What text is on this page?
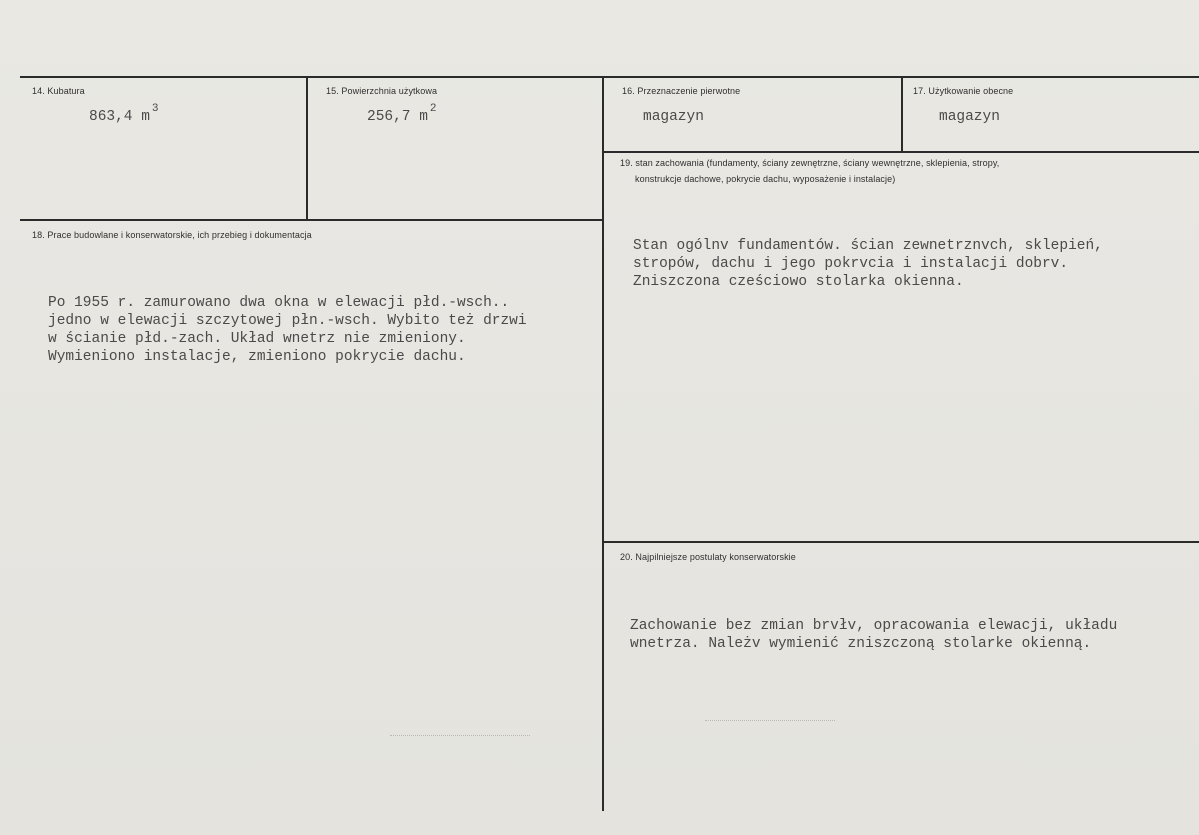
14. Kubatura
863,4 m $^3$
15. Powierzchnia użytkowa
256,7 m $^2$
16. Przeznaczenie pierwotne
magazyn
17. Użytkowanie obecne
magazyn
18. Prace budowlane i konserwatorskie, ich przebieg i dokumentacja

Po 1955 r. zamurowano dwa okna w elewacji płd.-wsch..
jedno w elewacji szczytowej płn.-wsch. Wybito też drzwi
w ścianie płd.-zach. Układ wnetrz nie zmieniony.
Wymieniono instalacje, zmieniono pokrycie dachu.

19. stan zachowania (fundamenty, ściany zewnętrzne, ściany wewnętrzne, sklepienia, stropy,
konstrukcje dachowe, pokrycie dachu, wyposażenie i instalacje)

Stan ogólnv fundamentów. ścian zewnetrznvch, sklepień,
stropów, dachu i jego pokrvcia i instalacji dobrv.
Zniszczona cześciowo stolarka okienna.

20. Najpilniejsze postulaty konserwatorskie

Zachowanie bez zmian brvłv, opracowania elewacji, układu
wnetrza. Należv wymienić zniszczoną stolarke okienną.
